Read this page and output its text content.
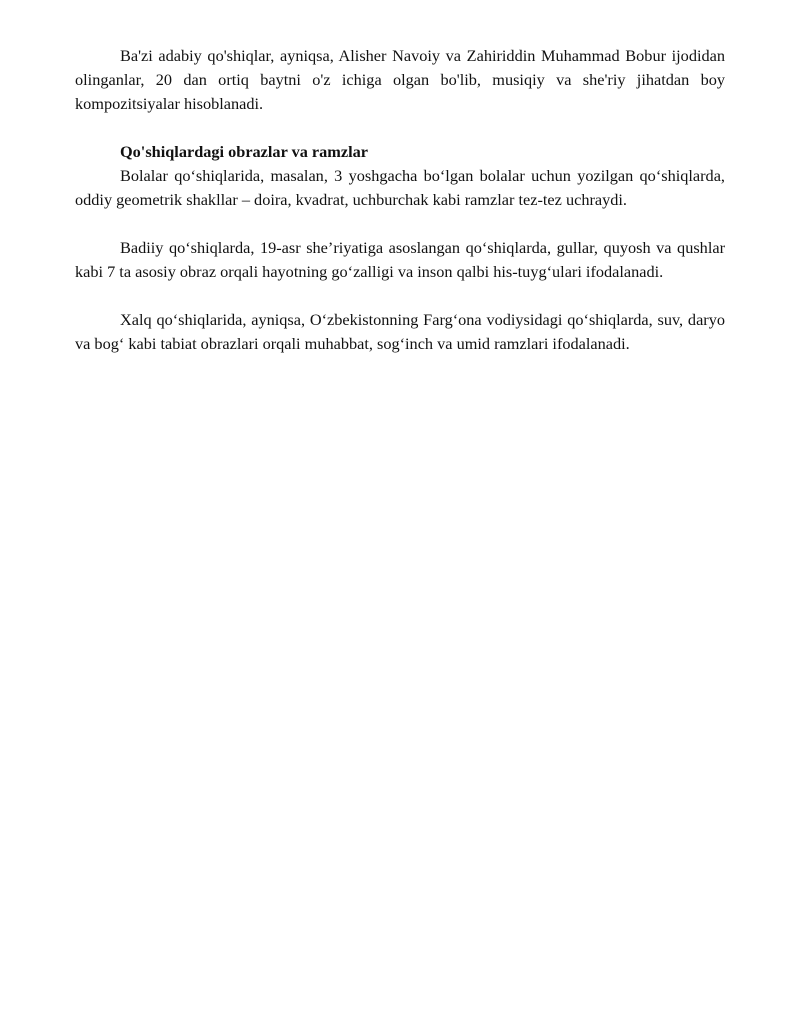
Ba'zi adabiy qo'shiqlar, ayniqsa, Alisher Navoiy va Zahiriddin Muhammad Bobur ijodidan olinganlar, 20 dan ortiq baytni o'z ichiga olgan bo'lib, musiqiy va she'riy jihatdan boy kompozitsiyalar hisoblanadi.

Qo'shiqlardagi obrazlar va ramzlar

Bolalar qo‘shiqlarida, masalan, 3 yoshgacha bo‘lgan bolalar uchun yozilgan qo‘shiqlarda, oddiy geometrik shakllar – doira, kvadrat, uchburchak kabi ramzlar tez-tez uchraydi.

Badiiy qo‘shiqlarda, 19-asr she’riyatiga asoslangan qo‘shiqlarda, gullar, quyosh va qushlar kabi 7 ta asosiy obraz orqali hayotning go‘zalligi va inson qalbi his-tuyg‘ulari ifodalanadi.

Xalq qo‘shiqlarida, ayniqsa, O‘zbekistonning Farg‘ona vodiysidagi qo‘shiqlarda, suv, daryo va bog‘ kabi tabiat obrazlari orqali muhabbat, sog‘inch va umid ramzlari ifodalanadi.
